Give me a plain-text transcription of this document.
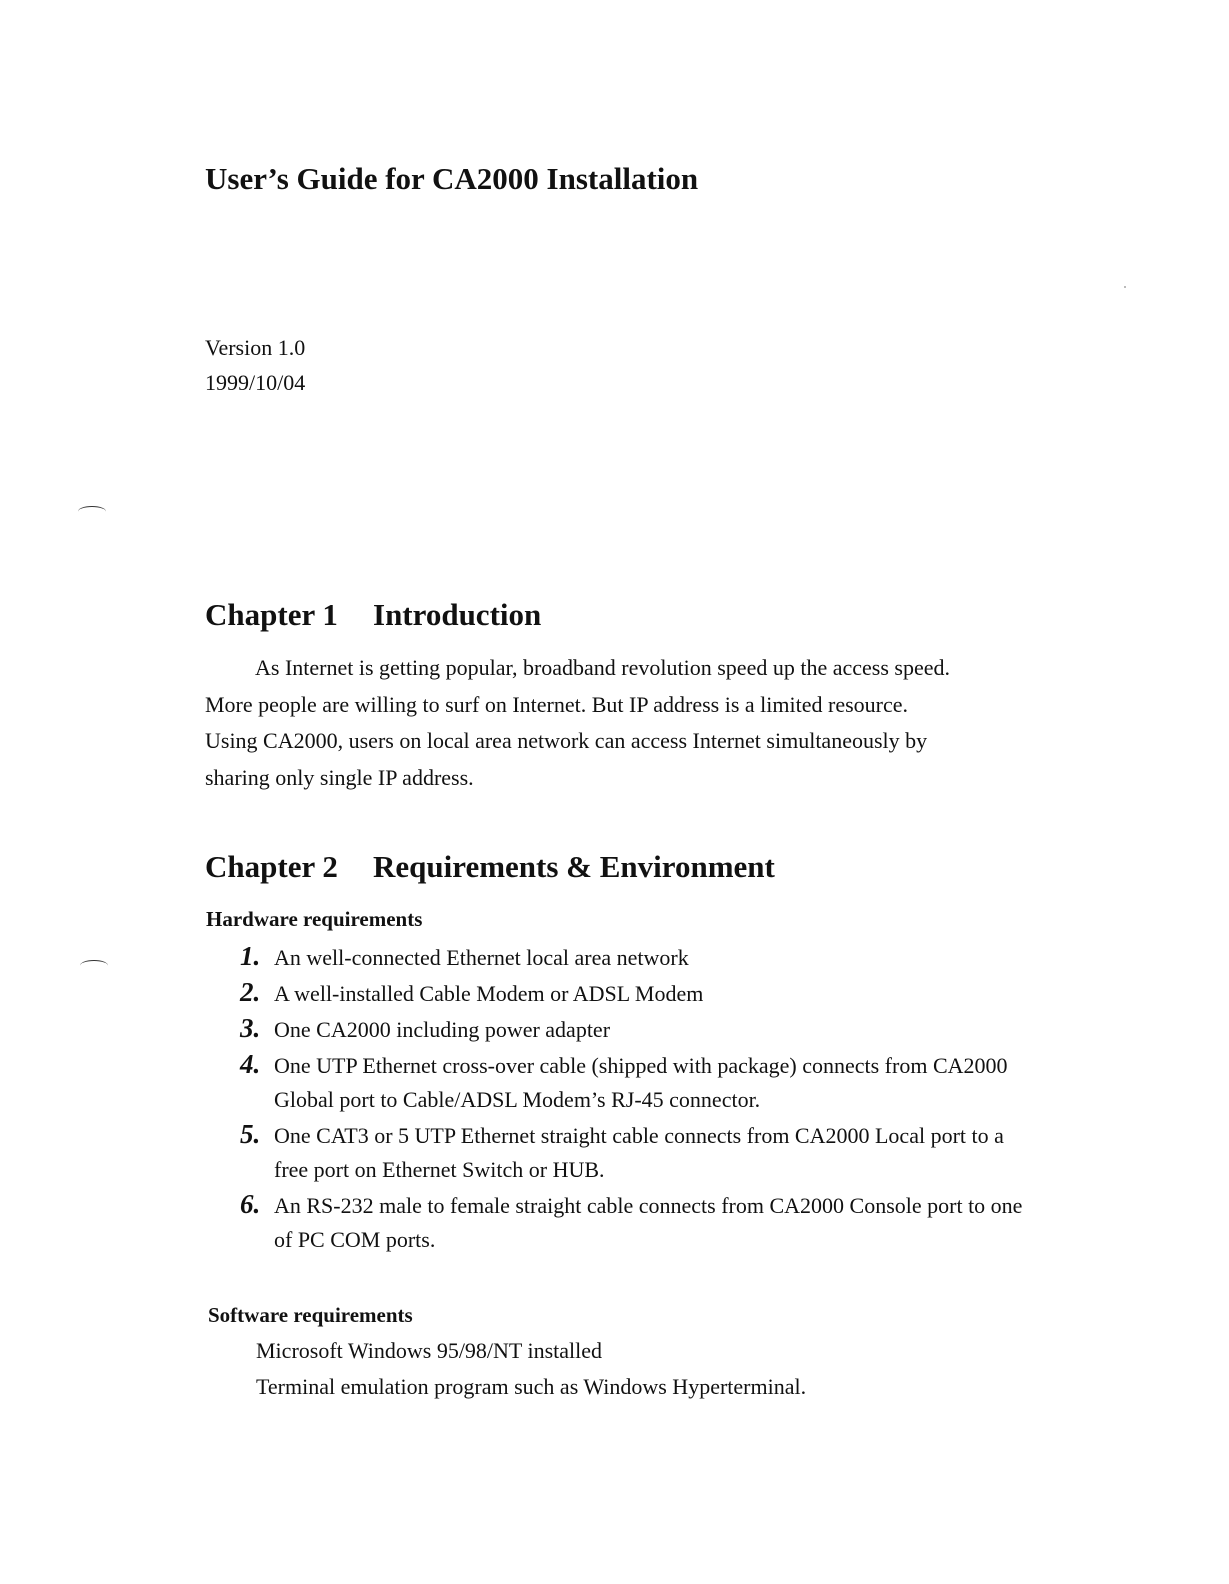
User’s Guide for CA2000 Installation
Version 1.0
1999/10/04
Chapter 1 Introduction

As Internet is getting popular, broadband revolution speed up the access speed.
More people are willing to surf on Internet. But IP address is a limited resource.
Using CA2000, users on local area network can access Internet simultaneously by
sharing only single IP address.

Chapter 2 Requirements & Environment
Hardware requirements
1. An well-connected Ethernet local area network
2. A well-installed Cable Modem or ADSL Modem
3. One CA2000 including power adapter
4. One UTP Ethernet cross-over cable (shipped with package) connects from CA2000 Global port to Cable/ADSL Modem’s RJ-45 connector.
5. One CAT3 or 5 UTP Ethernet straight cable connects from CA2000 Local port to a free port on Ethernet Switch or HUB.
6. An RS-232 male to female straight cable connects from CA2000 Console port to one of PC COM ports.
Software requirements
Microsoft Windows 95/98/NT installed
Terminal emulation program such as Windows Hyperterminal.
